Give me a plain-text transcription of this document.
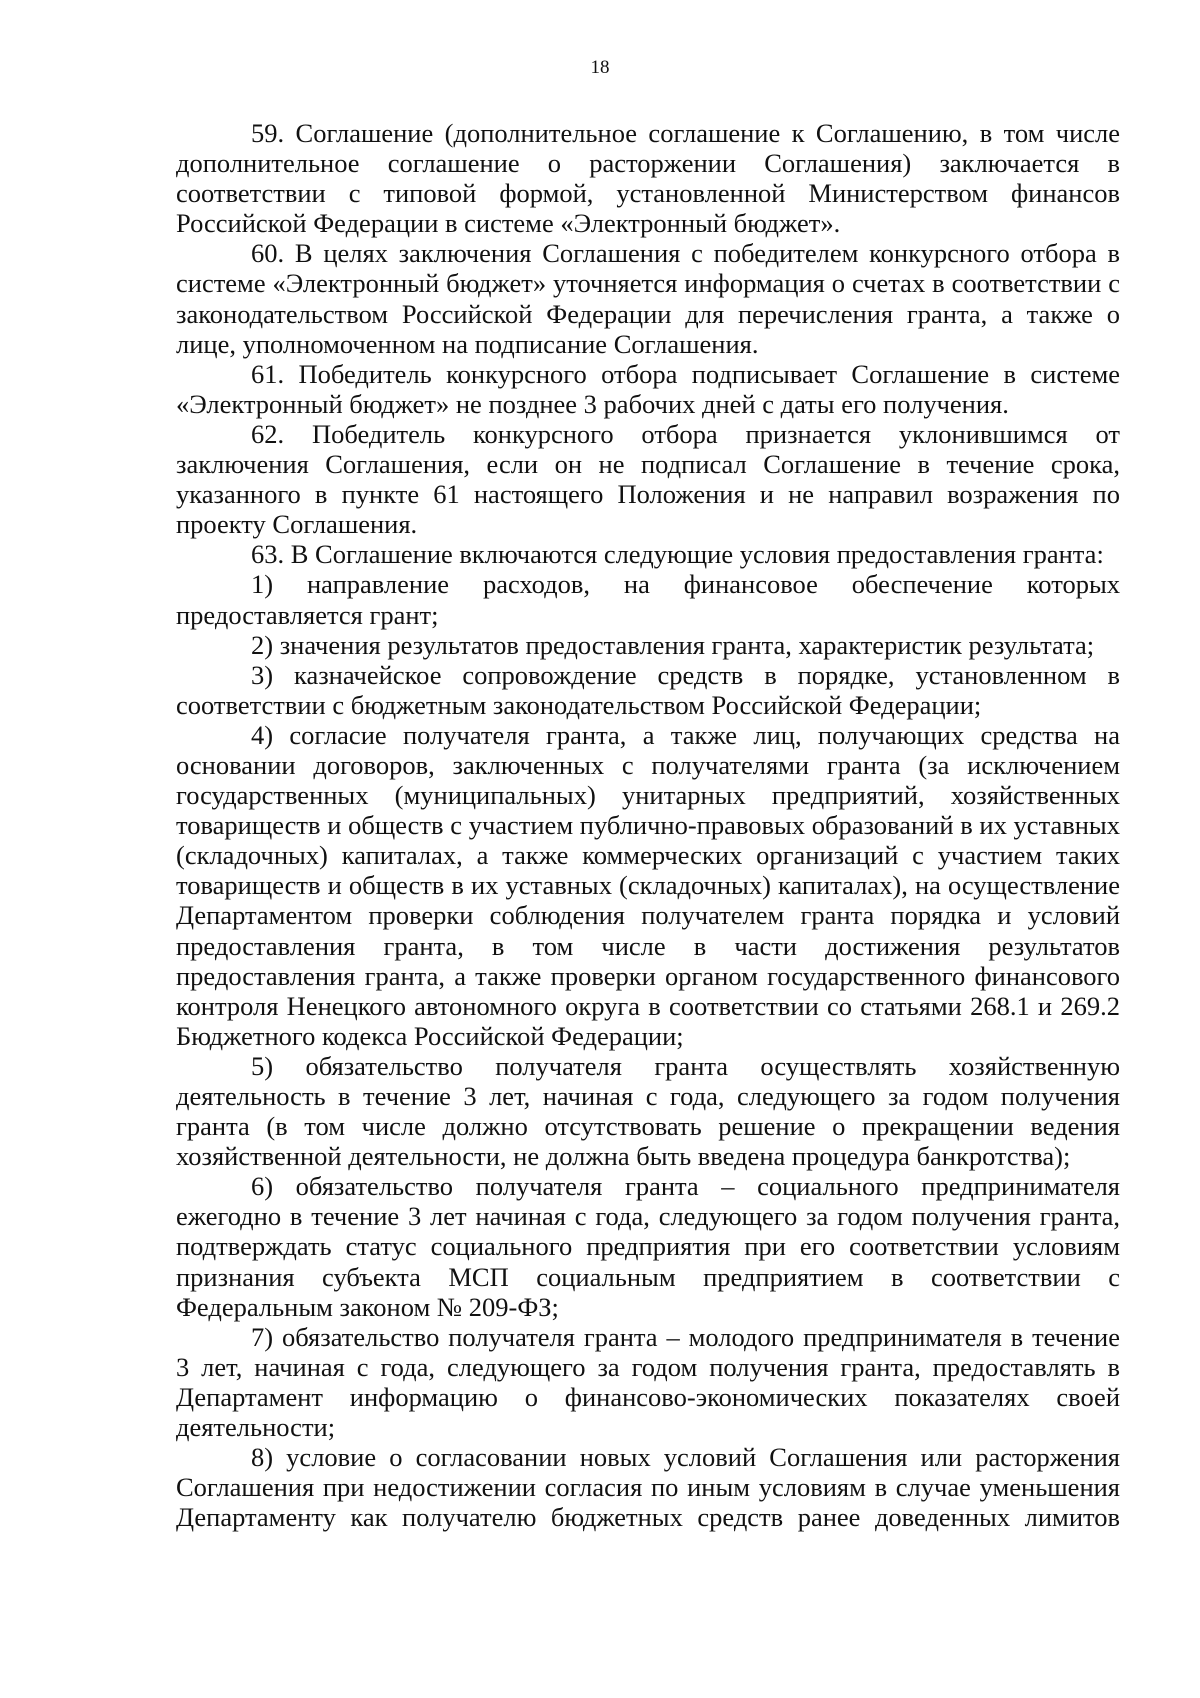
18

59. Соглашение (дополнительное соглашение к Соглашению, в том числе дополнительное соглашение о расторжении Соглашения) заключается в соответствии с типовой формой, установленной Министерством финансов Российской Федерации в системе «Электронный бюджет».

60. В целях заключения Соглашения с победителем конкурсного отбора в системе «Электронный бюджет» уточняется информация о счетах в соответствии с законодательством Российской Федерации для перечисления гранта, а также о лице, уполномоченном на подписание Соглашения.

61. Победитель конкурсного отбора подписывает Соглашение в системе «Электронный бюджет» не позднее 3 рабочих дней с даты его получения.

62. Победитель конкурсного отбора признается уклонившимся от заключения Соглашения, если он не подписал Соглашение в течение срока, указанного в пункте 61 настоящего Положения и не направил возражения по проекту Соглашения.

63. В Соглашение включаются следующие условия предоставления гранта:

1) направление расходов, на финансовое обеспечение которых предоставляется грант;

2) значения результатов предоставления гранта, характеристик результата;

3) казначейское сопровождение средств в порядке, установленном в соответствии с бюджетным законодательством Российской Федерации;

4) согласие получателя гранта, а также лиц, получающих средства на основании договоров, заключенных с получателями гранта (за исключением государственных (муниципальных) унитарных предприятий, хозяйственных товариществ и обществ с участием публично-правовых образований в их уставных (складочных) капиталах, а также коммерческих организаций с участием таких товариществ и обществ в их уставных (складочных) капиталах), на осуществление Департаментом проверки соблюдения получателем гранта порядка и условий предоставления гранта, в том числе в части достижения результатов предоставления гранта, а также проверки органом государственного финансового контроля Ненецкого автономного округа в соответствии со статьями 268.1 и 269.2 Бюджетного кодекса Российской Федерации;

5) обязательство получателя гранта осуществлять хозяйственную деятельность в течение 3 лет, начиная с года, следующего за годом получения гранта (в том числе должно отсутствовать решение о прекращении ведения хозяйственной деятельности, не должна быть введена процедура банкротства);

6) обязательство получателя гранта – социального предпринимателя ежегодно в течение 3 лет начиная с года, следующего за годом получения гранта, подтверждать статус социального предприятия при его соответствии условиям признания субъекта МСП социальным предприятием в соответствии с Федеральным законом № 209-ФЗ;

7) обязательство получателя гранта – молодого предпринимателя в течение 3 лет, начиная с года, следующего за годом получения гранта, предоставлять в Департамент информацию о финансово-экономических показателях своей деятельности;

8) условие о согласовании новых условий Соглашения или расторжения Соглашения при недостижении согласия по иным условиям в случае уменьшения Департаменту как получателю бюджетных средств ранее доведенных лимитов
